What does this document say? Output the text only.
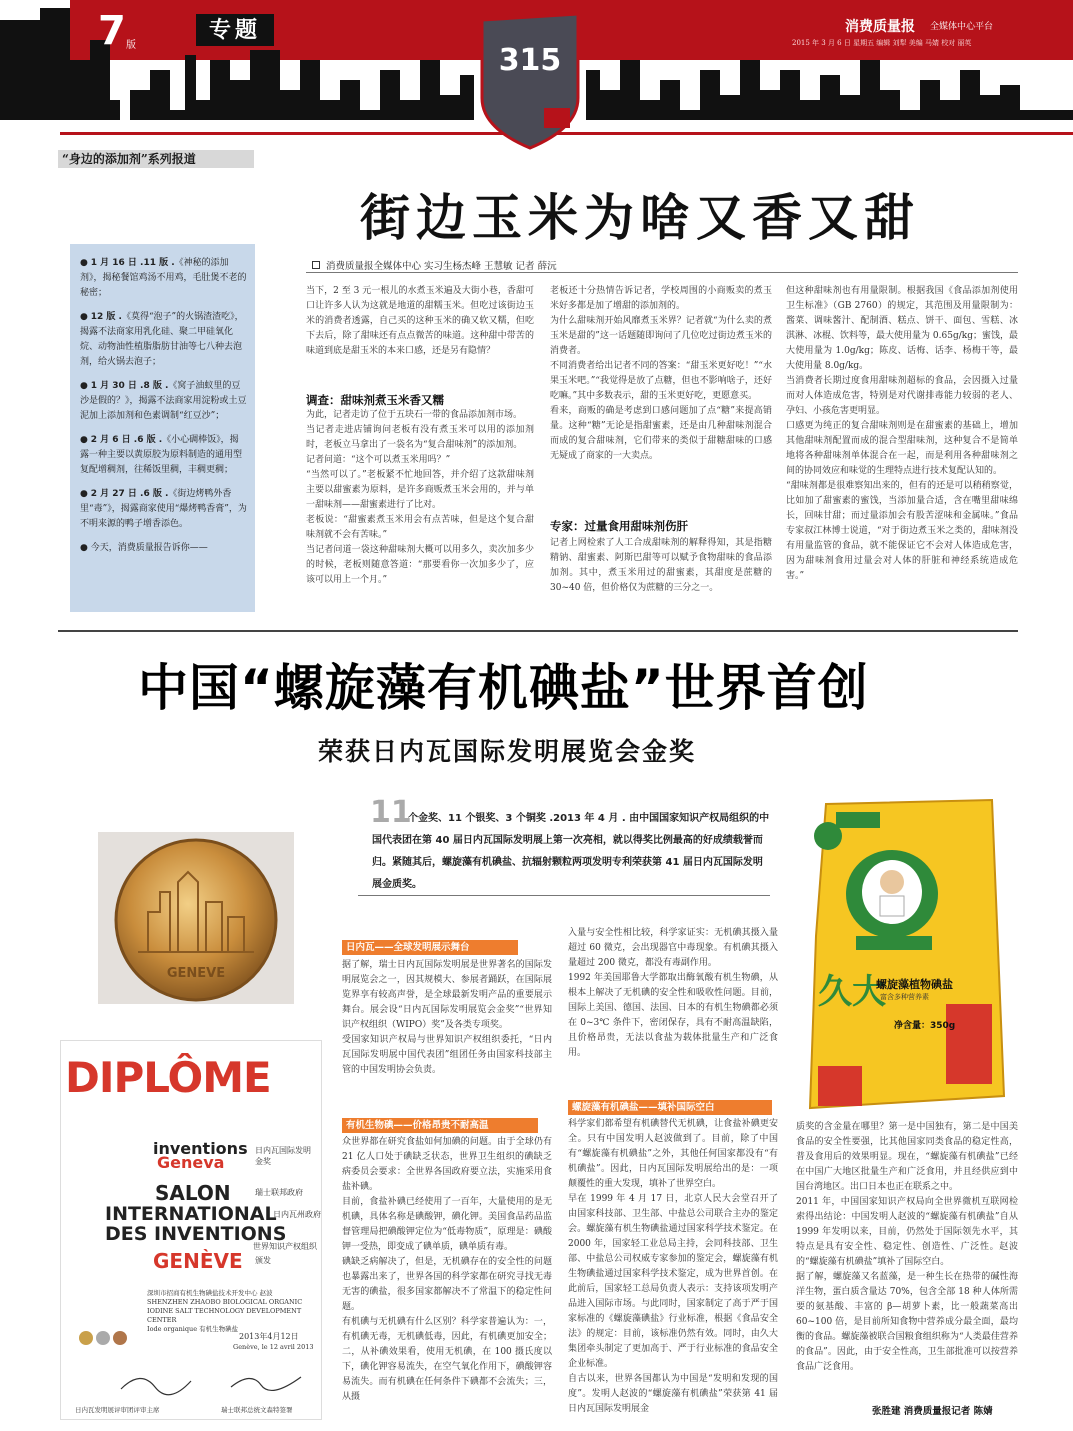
7 版
专题
315
消费质量报 全媒体中心平台
2015 年 3 月 6 日 星期五 编辑 刘犁 美编 马婧 校对 丽英
“身边的添加剂”系列报道
街边玉米为啥又香又甜
● 1 月 16 日 .11 版 .《神秘的添加剂》，揭秘餐馆鸡汤不用鸡，毛肚煲不老的秘密；
● 12 版 .《莫得“泡子”的火锅渣渣吃》，揭露不法商家用乳化硅、聚二甲硅氧化烷、动物油性植脂脂肪甘油等七八种去泡剂，给火锅去泡子；
● 1 月 30 日 .8 版 .《窝子油蚁里的豆沙是假的？》，揭露不法商家用淀粉或土豆泥加上添加剂和色素调制“红豆沙”；
● 2 月 6 日 .6 版 .《小心碉棒饭》，揭露一种主要以黄原胶为原料制造的通用型复配增稠剂，往稀饭里稠，丰稠更稠；
● 2 月 27 日 .6 版 .《街边烤鸭外香里“毒”》，揭露商家使用“爆烤鸭香膏”，为不明来源的鸭子增香添色。
● 今天，消费质量报告诉你——
消费质量报全媒体中心 实习生杨杰峰 王慧敏 记者 薛沅
当下，2 至 3 元一根儿的水煮玉米遍及大街小巷，香甜可口让许多人认为这就是地道的甜糯玉米。但吃过该街边玉米的消费者透露，自己买的这种玉米的确又软又糯，但吃下去后，除了甜味还有点点微苦的味道。这种甜中带苦的味道到底是甜玉米的本来口感，还是另有隐情？
调查：甜味剂煮玉米香又糯
为此，记者走访了位于五块石一带的食品添加剂市场。
当记者走进店铺询问老板有没有煮玉米可以用的添加剂时，老板立马拿出了一袋名为“复合甜味剂”的添加剂。
记者问道：“这个可以煮玉米用吗？”
“当然可以了。”老板紧不忙地回答，并介绍了这款甜味剂主要以甜蜜素为原料，是许多商贩煮玉米会用的，并与单一甜味剂——甜蜜素进行了比对。
老板说：“甜蜜素煮玉米用会有点苦味，但是这个复合甜味剂就不会有苦味。”
当记者问道一袋这种甜味剂大概可以用多久，卖次加多少的时候，老板则随意答道：“那要看你一次加多少了，应该可以用上一个月。”
老板还十分热情告诉记者，学校周围的小商贩卖的煮玉米好多都是加了增甜的添加剂的。
为什么甜味剂开始风靡煮玉米界？记者就“为什么卖的煮玉米是甜的”这一话题随即询问了几位吃过街边煮玉米的消费者。
不同消费者给出记者不同的答案：“甜玉米更好吃！”“水果玉米吧。”“我觉得是放了点糖，但也不影响啥子，还好吃嘛。”其中多数表示，甜的玉米更好吃，更愿意买。
看来，商贩的确是考虑到口感问题加了点“糖”来提高销量。这种“糖”无论是指甜蜜素，还是由几种甜味剂混合而成的复合甜味剂，它们带来的类似于甜糖甜味的口感无疑成了商家的一大卖点。
专家：过量食用甜味剂伤肝
记者上网检索了人工合成甜味剂的解释得知，其是指糖精钠、甜蜜素、阿斯巴甜等可以赋予食物甜味的食品添加剂。其中，煮玉米用过的甜蜜素，其甜度是蔗糖的 30~40 倍，但价格仅为蔗糖的三分之一。
但这种甜味剂也有用量限制。根据我国《食品添加剂使用卫生标准》（GB 2760）的规定，其范围及用量限制为：酱菜、调味酱汁、配制酒、糕点、饼干、面包、雪糕、冰淇淋、冰棍、饮料等，最大使用量为 0.65g/kg；蜜饯，最大使用量为 1.0g/kg；陈皮、话梅、话李、杨梅干等，最大使用量 8.0g/kg。
当消费者长期过度食用甜味剂超标的食品，会因摄入过量而对人体造成危害，特别是对代谢排毒能力较弱的老人、孕妇、小孩危害更明显。
口感更为纯正的复合甜味剂则是在甜蜜素的基础上，增加其他甜味剂配置而成的混合型甜味剂，这种复合不是简单地将各种甜味剂单体混合在一起，而是利用各种甜味剂之间的协同效应和味觉的生理特点进行技术复配认知的。
“甜味剂都是很难察知出来的，但有的还是可以稍稍察觉，比如加了甜蜜素的蜜饯，当添加量合适，含在嘴里甜味绵长，回味甘甜；而过量添加会有股苦涩味和金属味。”食品专家叔江林博士说道，“对于街边煮玉米之类的，甜味剂没有用量监管的食品，就不能保证它不会对人体造成危害，因为甜味剂食用过量会对人体的肝脏和神经系统造成危害。”
中国“螺旋藻有机碘盐”世界首创
荣获日内瓦国际发明展览会金奖
11
个金奖、11 个银奖、3 个铜奖 .2013 年 4 月 . 由中国国家知识产权局组织的中国代表团在第 40 届日内瓦国际发明展上第一次亮相，就以得奖比例最高的好成绩载誉而归。紧随其后，螺旋藻有机碘盐、抗辐射颗粒两项发明专利荣获第 41 届日内瓦国际发明展金质奖。
GENEVE
DIPLÔME
inventions
Geneva
日内瓦国际发明金奖
SALON	瑞士联邦政府
INTERNATIONAL
日内瓦州政府
DES INVENTIONS
世界知识产权组织
GENÈVE 颁发
深圳市招商有机生物碘盐技术开发中心 赵波
SHENZHEN ZHAOBO BIOLOGICAL ORGANIC IODINE SALT TECHNOLOGY DEVELOPMENT CENTER
Iode organique 有机生物碘盐
2013年4月12日
Genève, le 12 avril 2013
日内瓦发明展评审团评审主席	瑞士联邦总统文森特签署
久大
螺旋藻植物碘盐
富含多种营养素
净含量：350g
日内瓦——全球发明展示舞台
据了解，瑞士日内瓦国际发明展是世界著名的国际发明展览会之一，因其规模大、参展者踊跃，在国际展览界享有较高声誉，是全球最新发明产品的重要展示舞台。展会设“日内瓦国际发明展览会金奖”“世界知识产权组织（WIPO）奖”及各类专项奖。
受国家知识产权局与世界知识产权组织委托，“日内瓦国际发明展中国代表团”组团任务由国家科技部主管的中国发明协会负责。
有机生物碘——价格昂贵不耐高温
众世界都在研究食盐如何加碘的问题。由于全球仍有 21 亿人口处于碘缺乏状态，世界卫生组织的碘缺乏病委员会要求：全世界各国政府要立法，实施采用食盐补碘。
目前，食盐补碘已经使用了一百年，大量使用的是无机碘，具体名称是碘酸钾，碘化钾。美国食品药品监督管理局把碘酸钾定位为“低毒物质”，原理是：碘酸钾一受热，即变成了碘单质，碘单质有毒。
碘缺乏病解决了，但是，无机碘存在的安全性的问题也暴露出来了，世界各国的科学家都在研究寻找无毒无害的碘盐，很多国家都解决不了常温下的稳定性问题。
有机碘与无机碘有什么区别？科学家普遍认为：一，有机碘无毒，无机碘低毒，因此，有机碘更加安全；二，从补碘效果看，使用无机碘，在 100 摄氏度以下，碘化钾容易流失，在空气氧化作用下，碘酸钾容易流失。而有机碘在任何条件下碘都不会流失；三，从摄
入量与安全性相比较，科学家证实：无机碘其摄入量超过 60 微克，会出现器官中毒现象。有机碘其摄入量超过 200 微克，都没有毒副作用。
1992 年美国耶鲁大学都取出酶氧酸有机生物碘，从根本上解决了无机碘的安全性和吸收性问题。目前，国际上美国、德国、法国、日本的有机生物碘都必须在 0~3℃ 条件下，密闭保存，具有不耐高温缺陷，且价格昂贵，无法以食盐为载体批量生产和广泛食用。
螺旋藻有机碘盐——填补国际空白
科学家们都希望有机碘替代无机碘，让食盐补碘更安全。只有中国发明人赵波做到了。目前，除了中国有“螺旋藻有机碘盐”之外，其他任何国家都没有“有机碘盐”。因此，日内瓦国际发明展给出的是：一项颠覆性的重大发现，填补了世界空白。
早在 1999 年 4 月 17 日，北京人民大会堂召开了由国家科技部、卫生部、中盐总公司联合主办的鉴定会。螺旋藻有机生物碘盐通过国家科学技术鉴定。在 2000 年，国家轻工业总局主持，会同科技部、卫生部、中盐总公司权威专家参加的鉴定会，螺旋藻有机生物碘盐通过国家科学技术鉴定，成为世界首创。在此前后，国家轻工总局负责人表示：支持该项发明产品进入国际市场。与此同时，国家制定了高于严于国家标准的《螺旋藻碘盐》行业标准，根据《食品安全法》的规定：目前，该标准仍然有效。同时，由久大集团牵头制定了更加高于、严于行业标准的食品安全企业标准。
自古以来，世界各国都认为中国是“发明和发现的国度”。发明人赵波的“螺旋藻有机碘盐”荣获第 41 届日内瓦国际发明展金
质奖的含金量在哪里？第一是中国独有，第二是中国美食品的安全性要强，比其他国家同类食品的稳定性高，普及食用后的效果明显。现在，“螺旋藻有机碘盐”已经在中国广大地区批量生产和广泛食用，并且经供应到中国台湾地区。出口日本也正在联系之中。
2011 年，中国国家知识产权局向全世界微机互联网检索得出结论：中国发明人赵波的“螺旋藻有机碘盐”自从 1999 年发明以来，目前，仍然处于国际领先水平，其特点是具有安全性、稳定性、创造性、广泛性。赵波的“螺旋藻有机碘盐”填补了国际空白。
据了解，螺旋藻又名蓝藻，是一种生长在热带的碱性海洋生物，蛋白质含量达 70%，包含全部 18 种人体所需要的氨基酸、丰富的 β—胡萝卜素，比一般蔬菜高出 60~100 倍，是目前所知食物中营养成分最全面，最均衡的食品。螺旋藻被联合国粮食组织称为“人类最佳营养的食品”。因此，由于安全性高，卫生部批准可以按营养食品广泛食用。
张胜建 消费质量报记者 陈婧
